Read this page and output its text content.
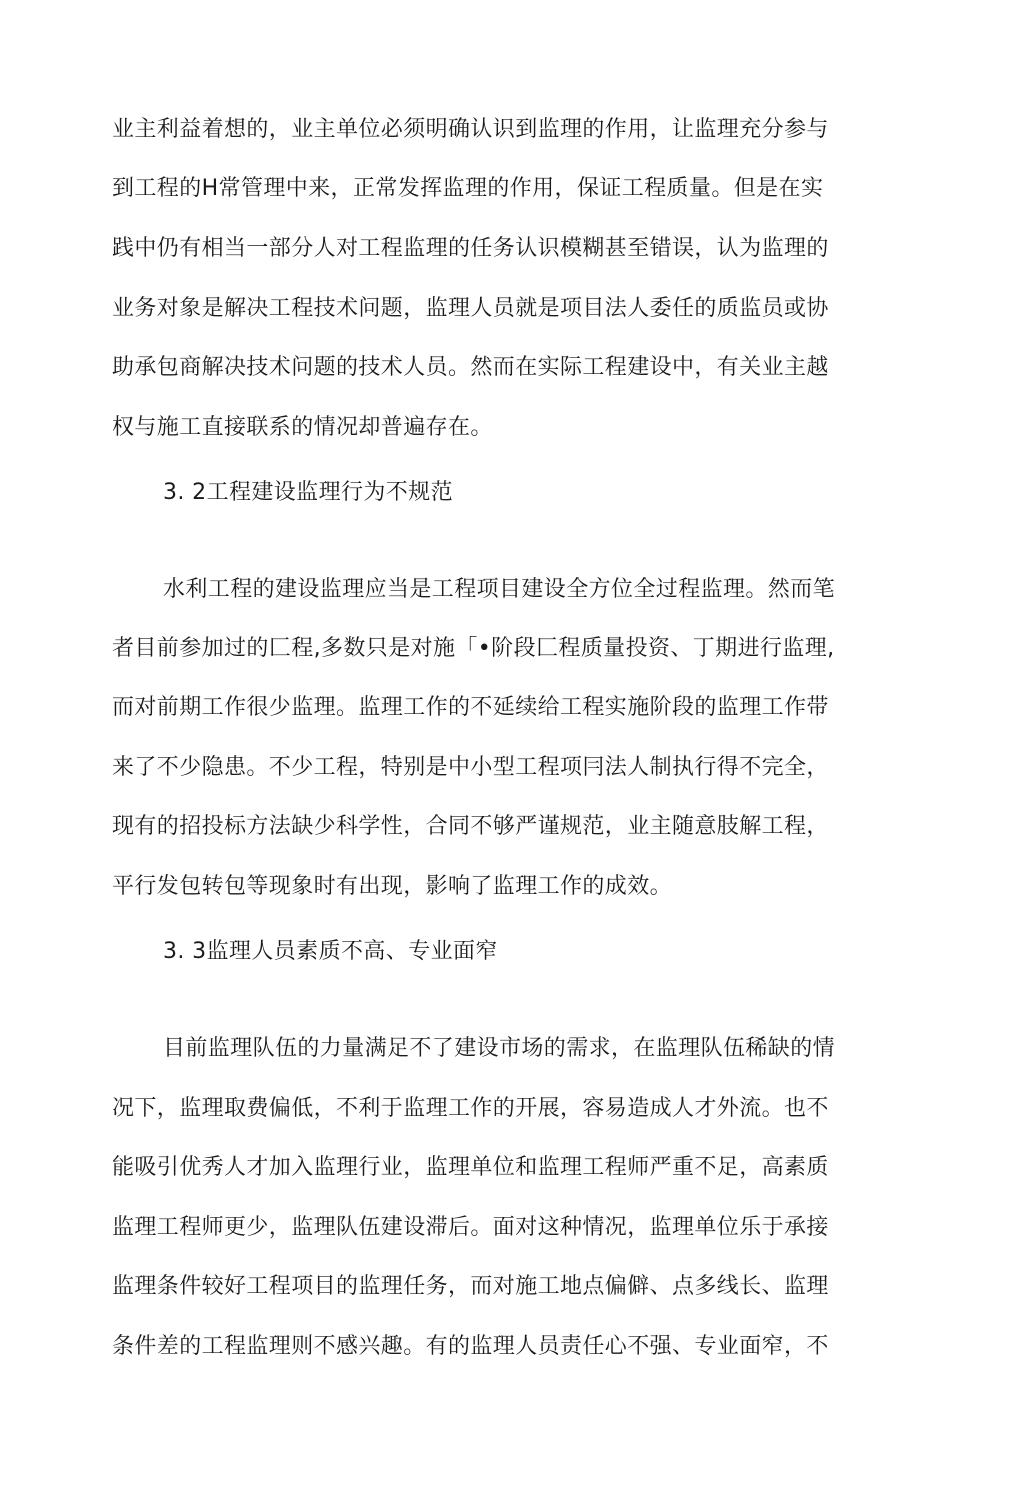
业主利益着想的，业主单位必须明确认识到监理的作用，让监理充分参与
到工程的H常管理中来，正常发挥监理的作用，保证工程质量。但是在实
践中仍有相当一部分人对工程监理的任务认识模糊甚至错误，认为监理的
业务对象是解决工程技术问题，监理人员就是项目法人委任的质监员或协
助承包商解决技术问题的技术人员。然而在实际工程建设中，有关业主越
权与施工直接联系的情况却普遍存在。
3. 2工程建设监理行为不规范
水利工程的建设监理应当是工程项目建设全方位全过程监理。然而笔
者目前参加过的匚程,多数只是对施「•阶段匚程质量投资、丁期进行监理,
而对前期工作很少监理。监理工作的不延续给工程实施阶段的监理工作带
来了不少隐患。不少工程，特别是中小型工程项冃法人制执行得不完全，
现有的招投标方法缺少科学性，合同不够严谨规范，业主随意肢解工程，
平行发包转包等现象时有出现，影响了监理工作的成效。
3. 3监理人员素质不高、专业面窄
目前监理队伍的力量满足不了建设市场的需求，在监理队伍稀缺的情
况下，监理取费偏低，不利于监理工作的开展，容易造成人才外流。也不
能吸引优秀人才加入监理行业，监理单位和监理工程师严重不足，高素质
监理工程师更少，监理队伍建设滞后。面对这种情况，监理单位乐于承接
监理条件较好工程项目的监理任务，而对施工地点偏僻、点多线长、监理
条件差的工程监理则不感兴趣。有的监理人员责任心不强、专业面窄，不
